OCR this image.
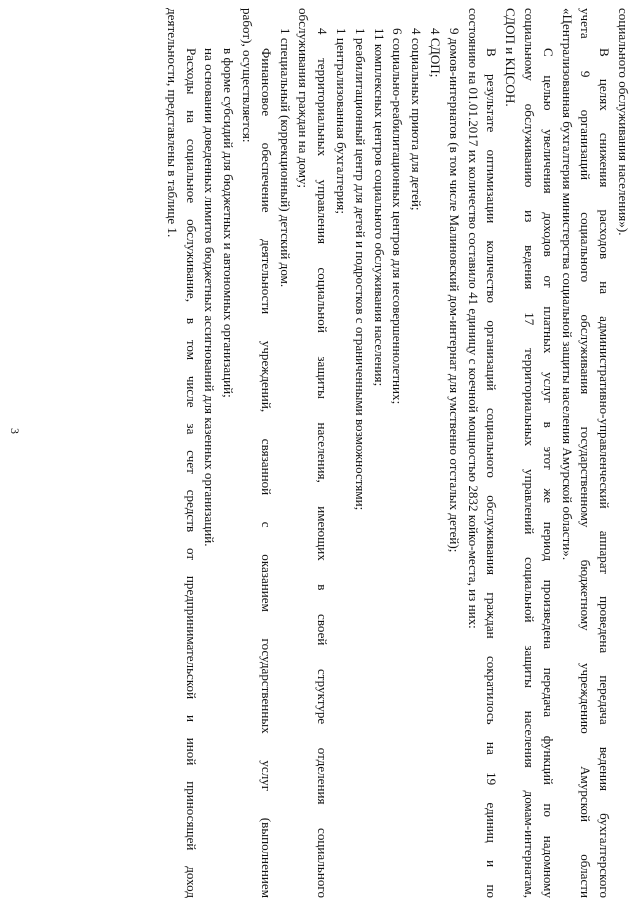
3
социального обслуживания населения»).
В целях снижения расходов на административно-управленческий аппарат проведена передача ведения бухгалтерского
учета 9 организаций социального обслуживания государственному бюджетному учреждению Амурской области
«Централизованная бухгалтерия министерства социальной защиты населения Амурской области».
С целью увеличения доходов от платных услуг в этот же период произведена передача функций по надомному
социальному обслуживанию из ведения 17 территориальных управлений социальной защиты населения домам-интернатам,
СДОП и КЦСОН.
В результате оптимизации количество организаций социального обслуживания граждан сократилось на 19 единиц и по
состоянию на 01.01.2017 их количество составило 41 единицу с коечной мощностью 2832 койко-места, из них:
9 домов-интернатов (в том числе Малиновский дом-интернат для умственно отсталых детей);
4 СДОП;
4 социальных приюта для детей;
6 социально-реабилитационных центров для несовершеннолетних;
11 комплексных центров социального обслуживания населения;
1 реабилитационный центр для детей и подростков с ограниченными возможностями;
1 централизованная бухгалтерия;
4 территориальных управления социальной защиты населения, имеющих в своей структуре отделения социального
обслуживания граждан на дому;
1 специальный (коррекционный) детский дом.
Финансовое обеспечение деятельности учреждений, связанной с оказанием государственных услуг (выполнением
работ), осуществляется:
в форме субсидий для бюджетных и автономных организаций;
на основании доведенных лимитов бюджетных ассигнований для казенных организаций.
Расходы на социальное обслуживание, в том числе за счет средств от предпринимательской и иной приносящей доход
деятельности, представлены в таблице 1.
